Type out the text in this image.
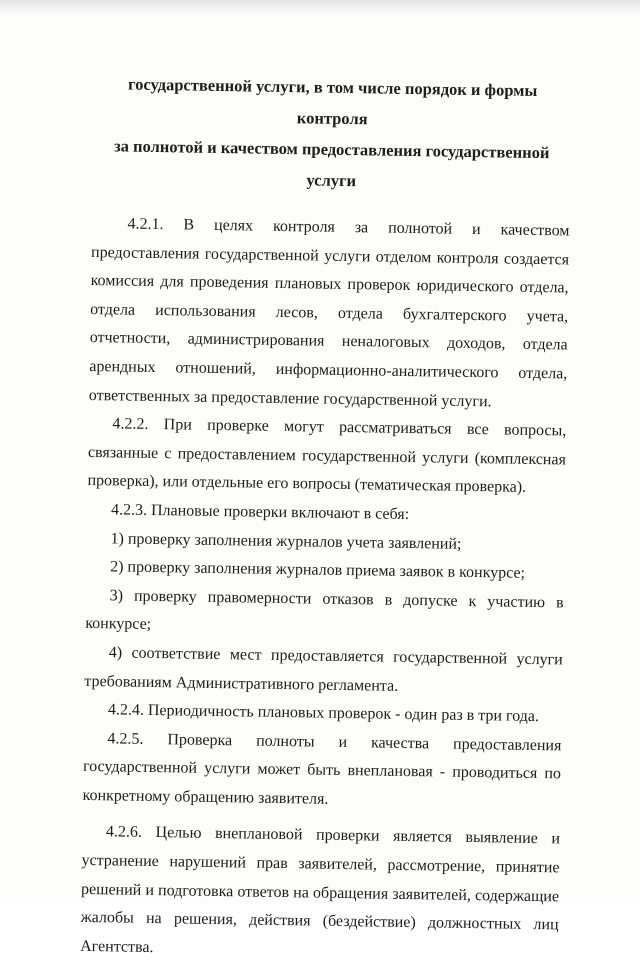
государственной услуги, в том числе порядок и формы контроля
за полнотой и качеством предоставления государственной
услуги

4.2.1. В целях контроля за полнотой и качеством предоставления государственной услуги отделом контроля создается комиссия для проведения плановых проверок юридического отдела, отдела использования лесов, отдела бухгалтерского учета, отчетности, администрирования неналоговых доходов, отдела арендных отношений, информационно-аналитического отдела, ответственных за предоставление государственной услуги.

4.2.2. При проверке могут рассматриваться все вопросы, связанные с предоставлением государственной услуги (комплексная проверка), или отдельные его вопросы (тематическая проверка).

4.2.3. Плановые проверки включают в себя:

1) проверку заполнения журналов учета заявлений;

2) проверку заполнения журналов приема заявок в конкурсе;

3) проверку правомерности отказов в допуске к участию в конкурсе;

4) соответствие мест предоставляется государственной услуги требованиям Административного регламента.

4.2.4. Периодичность плановых проверок - один раз в три года.

4.2.5. Проверка полноты и качества предоставления государственной услуги может быть внеплановая - проводиться по конкретному обращению заявителя.

4.2.6. Целью внеплановой проверки является выявление и устранение нарушений прав заявителей, рассмотрение, принятие решений и подготовка ответов на обращения заявителей, содержащие жалобы на решения, действия (бездействие) должностных лиц Агентства.
